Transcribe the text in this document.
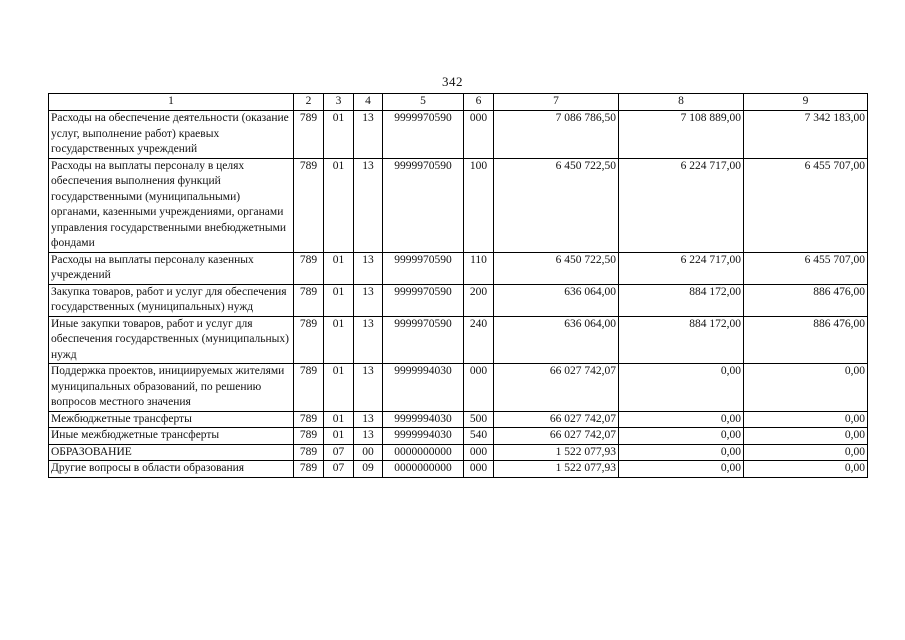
342
1	2	3	4	5	6	7	8	9
Расходы на обеспечение деятельности (оказание услуг, выполнение работ) краевых государственных учреждений	789	01	13	9999970590	000	7 086 786,50	7 108 889,00	7 342 183,00
Расходы на выплаты персоналу в целях обеспечения выполнения функций государственными (муниципальными) органами, казенными учреждениями, органами управления государственными внебюджетными фондами	789	01	13	9999970590	100	6 450 722,50	6 224 717,00	6 455 707,00
Расходы на выплаты персоналу казенных учреждений	789	01	13	9999970590	110	6 450 722,50	6 224 717,00	6 455 707,00
Закупка товаров, работ и услуг для обеспечения государственных (муниципальных) нужд	789	01	13	9999970590	200	636 064,00	884 172,00	886 476,00
Иные закупки товаров, работ и услуг для обеспечения государственных (муниципальных) нужд	789	01	13	9999970590	240	636 064,00	884 172,00	886 476,00
Поддержка проектов, инициируемых жителями муниципальных образований, по решению вопросов местного значения	789	01	13	9999994030	000	66 027 742,07	0,00	0,00
Межбюджетные трансферты	789	01	13	9999994030	500	66 027 742,07	0,00	0,00
Иные межбюджетные трансферты	789	01	13	9999994030	540	66 027 742,07	0,00	0,00
ОБРАЗОВАНИЕ	789	07	00	0000000000	000	1 522 077,93	0,00	0,00
Другие вопросы в области образования	789	07	09	0000000000	000	1 522 077,93	0,00	0,00
